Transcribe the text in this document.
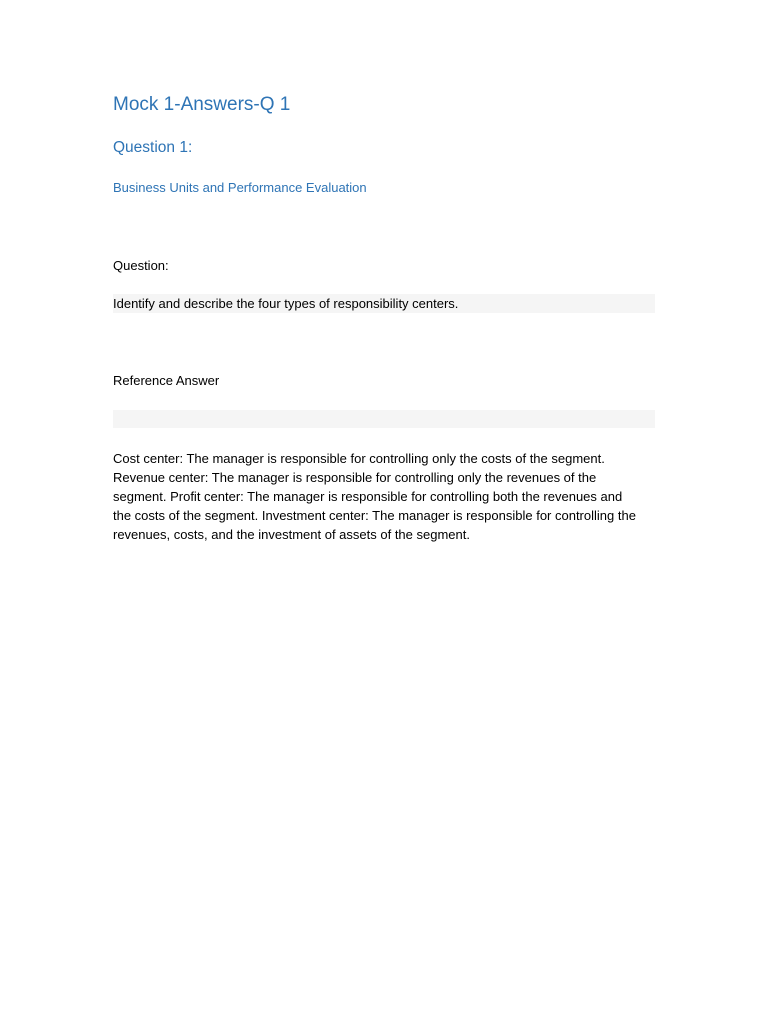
Mock 1-Answers-Q 1
Question 1:
Business Units and Performance Evaluation
Question:
Identify and describe the four types of responsibility centers.
Reference Answer
Cost center: The manager is responsible for controlling only the costs of the segment. Revenue center: The manager is responsible for controlling only the revenues of the segment. Profit center: The manager is responsible for controlling both the revenues and the costs of the segment. Investment center: The manager is responsible for controlling the revenues, costs, and the investment of assets of the segment.
